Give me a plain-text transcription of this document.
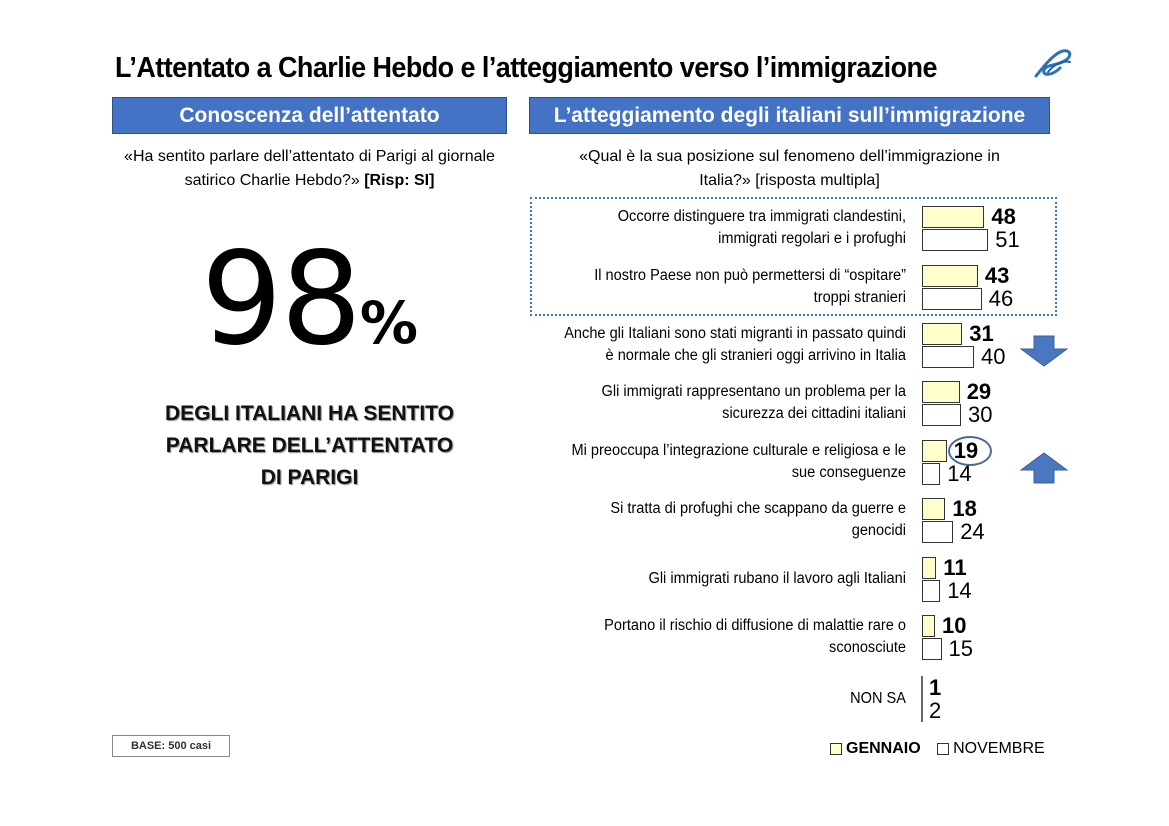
L’Attentato a Charlie Hebdo e l’atteggiamento verso l’immigrazione
Conoscenza dell’attentato	L’atteggiamento degli italiani sull’immigrazione
«Ha sentito parlare dell’attentato di Parigi al giornale satirico Charlie Hebdo?» [Risp: SI]
«Qual è la sua posizione sul fenomeno dell’immigrazione in Italia?» [risposta multipla]
98%
DEGLI ITALIANI HA SENTITO
PARLARE DELL’ATTENTATO
DI PARIGI
BASE: 500 casi
Occorre distinguere tra immigrati clandestini,
immigrati regolari e i profughi
48
51
Il nostro Paese non può permettersi di “ospitare”
troppi stranieri
43
46
Anche gli Italiani sono stati migranti in passato quindi
è normale che gli stranieri oggi arrivino in Italia
31
40
Gli immigrati rappresentano un problema per la
sicurezza dei cittadini italiani
29
30
Mi preoccupa l’integrazione culturale e religiosa e le
sue conseguenze
19
14
Si tratta di profughi che scappano da guerre e
genocidi
18
24
Gli immigrati rubano il lavoro agli Italiani 11
14
Portano il rischio di diffusione di malattie rare o
sconosciute
10
15
NON SA 1
2
GENNAIO NOVEMBRE
